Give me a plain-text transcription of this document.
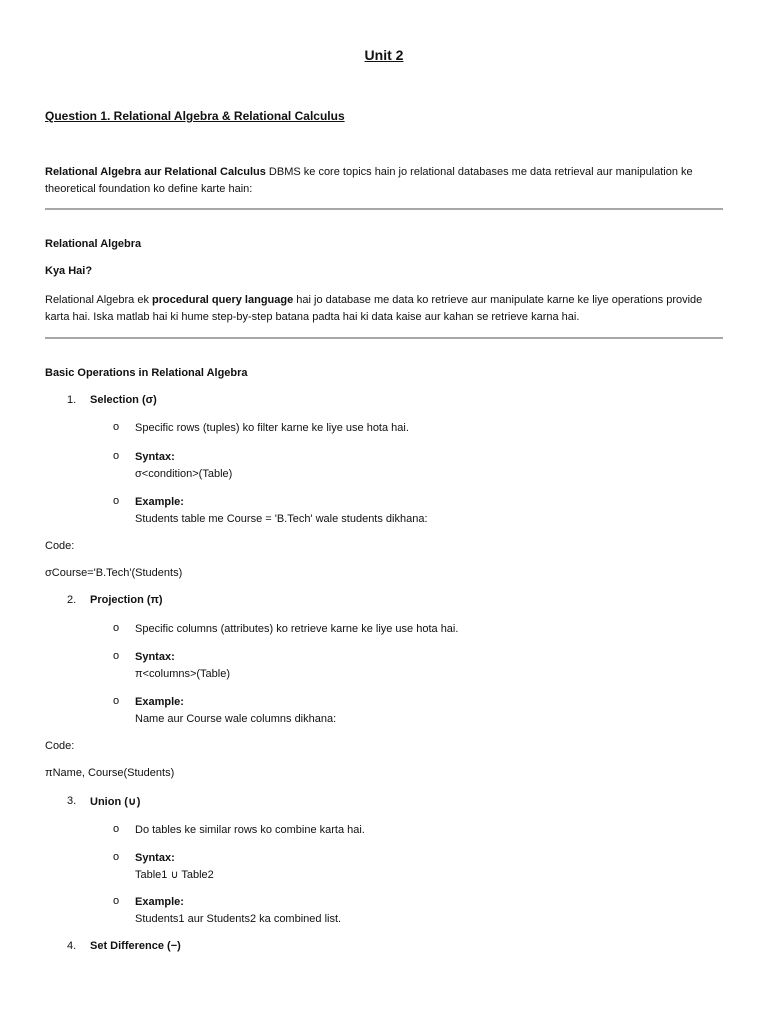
Unit 2
Question 1. Relational Algebra & Relational Calculus
Relational Algebra aur Relational Calculus DBMS ke core topics hain jo relational databases me data retrieval aur manipulation ke
theoretical foundation ko define karte hain:
Relational Algebra
Kya Hai?
Relational Algebra ek procedural query language hai jo database me data ko retrieve aur manipulate karne ke liye operations provide
karta hai. Iska matlab hai ki hume step-by-step batana padta hai ki data kaise aur kahan se retrieve karna hai.
Basic Operations in Relational Algebra
1. Selection (σ)
o Specific rows (tuples) ko filter karne ke liye use hota hai.
o Syntax:
σ<condition>(Table)
o Example:
Students table me Course = 'B.Tech' wale students dikhana:
Code:
σCourse='B.Tech'(Students)
2. Projection (π)
o Specific columns (attributes) ko retrieve karne ke liye use hota hai.
o Syntax:
π<columns>(Table)
o Example:
Name aur Course wale columns dikhana:
Code:
πName, Course(Students)
3. Union (∪)
o Do tables ke similar rows ko combine karta hai.
o Syntax:
Table1 ∪ Table2
o Example:
Students1 aur Students2 ka combined list.
4. Set Difference (−)
